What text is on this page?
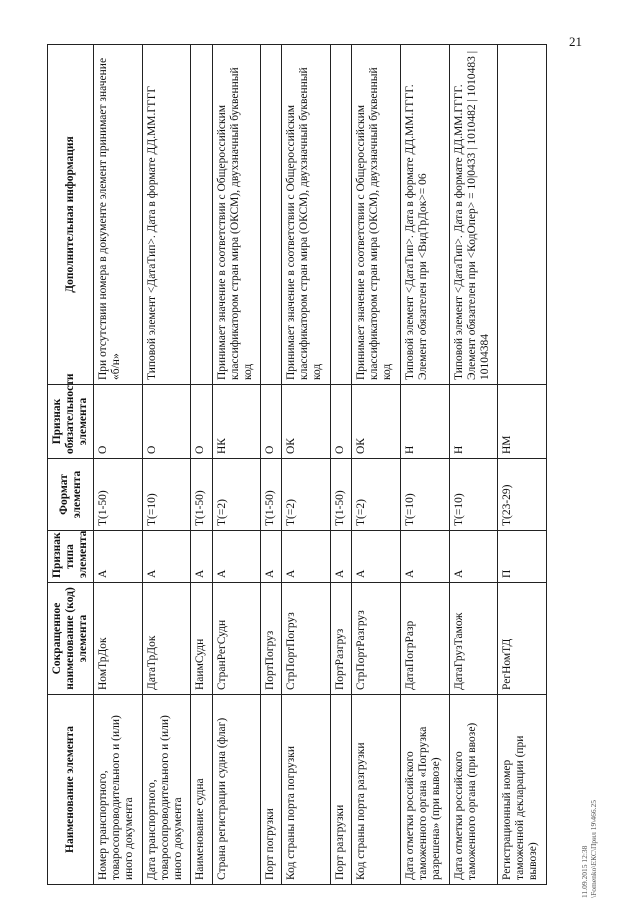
21
Наименование элемента	Сокращенное наименование (код) элемента	Признак типа элемента	Формат элемента	Признак обязательности элемента	Дополнительная информация
Номер транспортного, товаросопроводительного и (или) иного документа	НомТрДок	А	Т(1-50)	О	При отсутствии номера в документе элемент принимает значение «б/н»
Дата транспортного, товаросопроводительного и (или) иного документа	ДатаТрДок	А	Т(=10)	О	Типовой элемент <ДатаТип>. Дата в формате ДД.ММ.ГГГГ
Наименование судна	НаимСудн	А	Т(1-50)	О	
Страна регистрации судна (флаг)	СтранРегСудн	А	Т(=2)	НК	Принимает значение в соответствии с Общероссийским классификатором стран мира (ОКСМ), двухзначный буквенный код
Порт погрузки	ПортПогруз	А	Т(1-50)	О	
Код страны порта погрузки	СтрПортПогруз	А	Т(=2)	ОК	Принимает значение в соответствии с Общероссийским классификатором стран мира (ОКСМ), двухзначный буквенный код
Порт разгрузки	ПортРазгруз	А	Т(1-50)	О	
Код страны порта разгрузки	СтрПортРазгруз	А	Т(=2)	ОК	Принимает значение в соответствии с Общероссийским классификатором стран мира (ОКСМ), двухзначный буквенный код
Дата отметки российского таможенного органа «Погрузка разрешена» (при вывозе)	ДатаПогрРазр	А	Т(=10)	Н	Типовой элемент <ДатаТип>. Дата в формате ДД.ММ.ГГГГ. Элемент обязателен при <ВидТрДок>= 06
Дата отметки российского таможенного органа (при ввозе)	ДатаГрузТамож	А	Т(=10)	Н	Типовой элемент <ДатаТип>. Дата в формате ДД.ММ.ГГГГ. Элемент обязателен при <КодОпер> = 10|0433 | 1010482 | 1010483 | 10104384
Регистрационный номер таможенной декларации (при вывозе)	РегНомТД	П	Т(23-29)	НМ	
11.09.2015 12:38 \Fomenko\ЕКС\Прил 19\466.25
